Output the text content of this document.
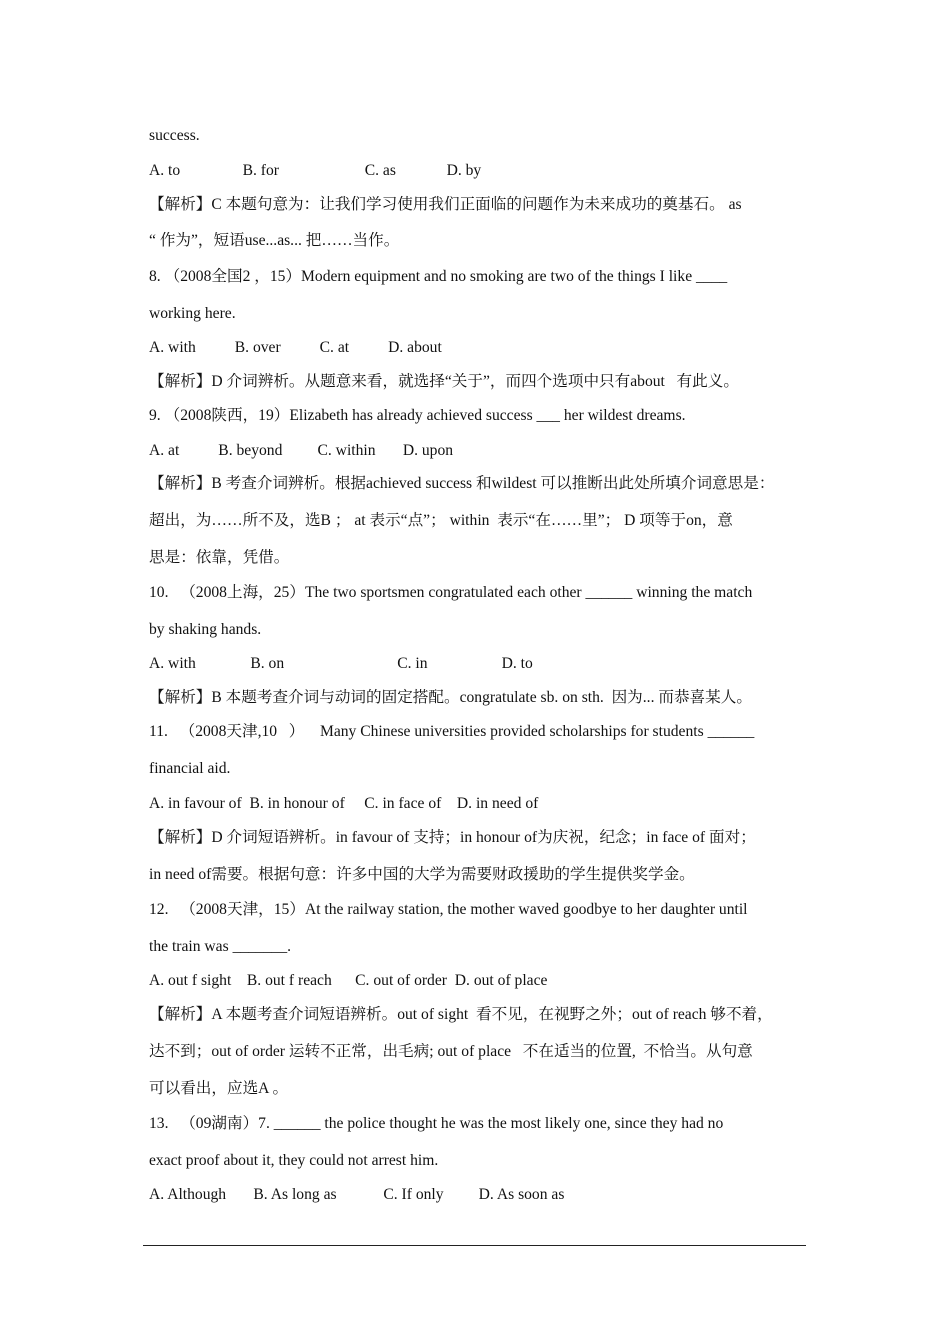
success.
A. to                B. for                      C. as             D. by
【解析】C 本题句意为：让我们学习使用我们正面临的问题作为未来成功的奠基石。 as
“ 作为”，短语use...as... 把……当作。
8. （2008全国2 ，15）Modern equipment and no smoking are two of the things I like ____
working here.
A. with          B. over          C. at          D. about
【解析】D 介词辨析。从题意来看，就选择“关于”，而四个选项中只有about   有此义。
9. （2008陕西，19）Elizabeth has already achieved success ___ her wildest dreams.
A. at          B. beyond         C. within       D. upon
【解析】B 考查介词辨析。根据achieved success 和wildest 可以推断出此处所填介词意思是：
超出，为……所不及，选B ； at 表示“点”； within  表示“在……里”； D 项等于on，意
思是：依靠，凭借。
10.   （2008上海，25）The two sportsmen congratulated each other ______ winning the match
by shaking hands.
A. with              B. on                             C. in                   D. to
【解析】B 本题考查介词与动词的固定搭配。congratulate sb. on sth.  因为... 而恭喜某人。
11.   （2008天津,10   ）    Many Chinese universities provided scholarships for students ______
financial aid.
A. in favour of  B. in honour of     C. in face of    D. in need of
【解析】D 介词短语辨析。in favour of 支持；in honour of为庆祝，纪念；in face of 面对；
in need of需要。根据句意：许多中国的大学为需要财政援助的学生提供奖学金。
12.   （2008天津，15）At the railway station, the mother waved goodbye to her daughter until
the train was _______.
A. out f sight    B. out f reach      C. out of order  D. out of place
【解析】A 本题考查介词短语辨析。out of sight  看不见，在视野之外；out of reach 够不着，
达不到；out of order 运转不正常，出毛病; out of place   不在适当的位置,  不恰当。从句意
可以看出，应选A 。
13.   （09湖南）7. ______ the police thought he was the most likely one, since they had no
exact proof about it, they could not arrest him.
A. Although       B. As long as            C. If only         D. As soon as
